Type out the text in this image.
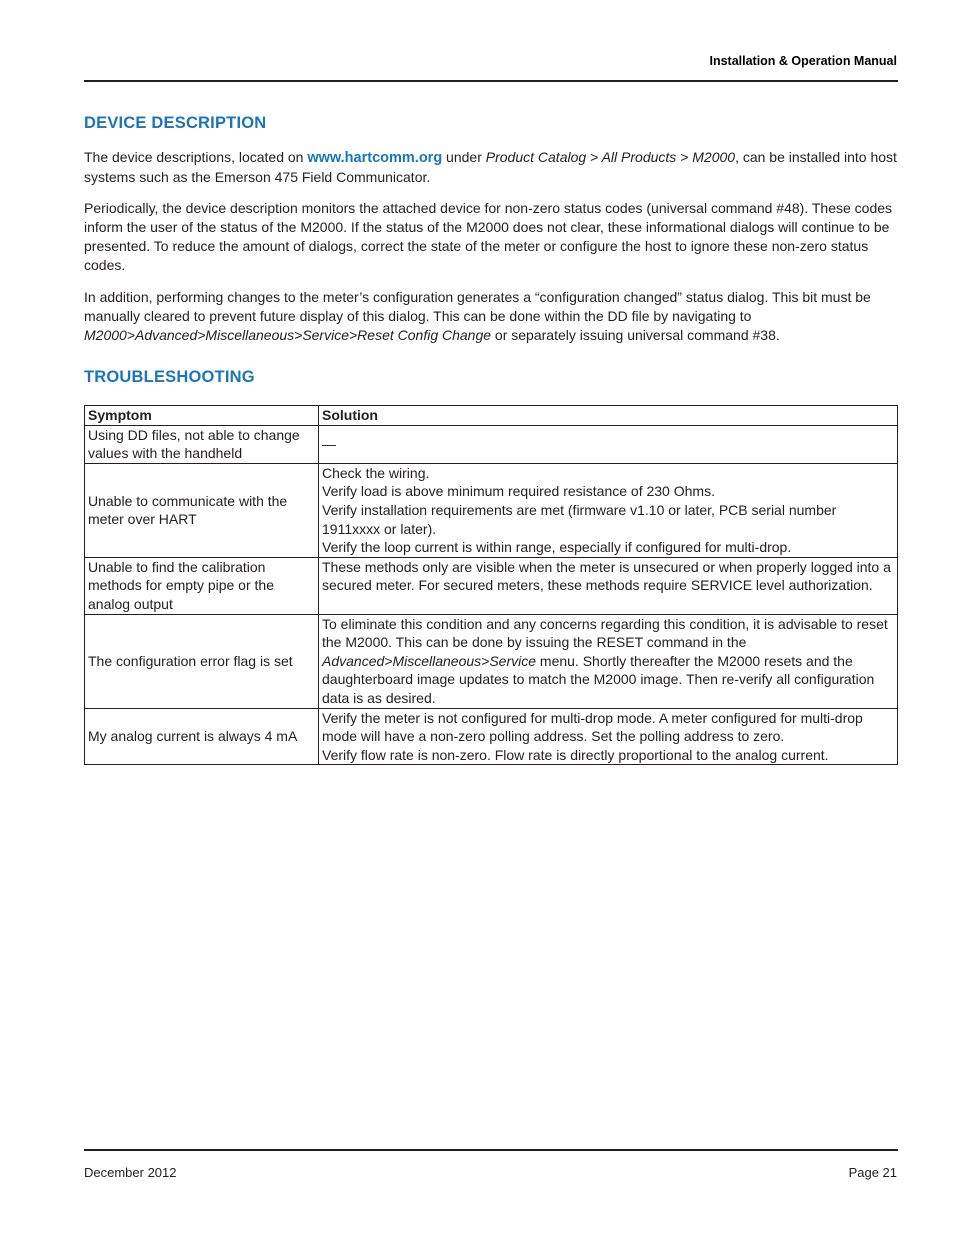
Installation & Operation Manual
DEVICE DESCRIPTION

The device descriptions, located on www.hartcomm.org under Product Catalog > All Products > M2000, can be installed into host systems such as the Emerson 475 Field Communicator.

Periodically, the device description monitors the attached device for non-zero status codes (universal command #48). These codes inform the user of the status of the M2000. If the status of the M2000 does not clear, these informational dialogs will continue to be presented. To reduce the amount of dialogs, correct the state of the meter or configure the host to ignore these non-zero status codes.

In addition, performing changes to the meter’s configuration generates a “configuration changed” status dialog. This bit must be manually cleared to prevent future display of this dialog. This can be done within the DD file by navigating to M2000>Advanced>Miscellaneous>Service>Reset Config Change or separately issuing universal command #38.

TROUBLESHOOTING
Symptom	Solution
Using DD files, not able to change values with the handheld	—

Unable to communicate with the meter over HART	Check the wiring.
Verify load is above minimum required resistance of 230 Ohms.
Verify installation requirements are met (firmware v1.10 or later, PCB serial number 1911xxxx or later).
Verify the loop current is within range, especially if configured for multi-drop.

Unable to find the calibration methods for empty pipe or the analog output	These methods only are visible when the meter is unsecured or when properly logged into a secured meter. For secured meters, these methods require SERVICE level authorization.

The configuration error flag is set	To eliminate this condition and any concerns regarding this condition, it is advisable to reset the M2000. This can be done by issuing the RESET command in the Advanced>Miscellaneous>Service menu. Shortly thereafter the M2000 resets and the daughterboard image updates to match the M2000 image. Then re-verify all configuration data is as desired.
My analog current is always 4 mA	Verify the meter is not configured for multi-drop mode. A meter configured for multi-drop mode will have a non-zero polling address. Set the polling address to zero.
Verify flow rate is non-zero. Flow rate is directly proportional to the analog current.
December 2012	Page 21
